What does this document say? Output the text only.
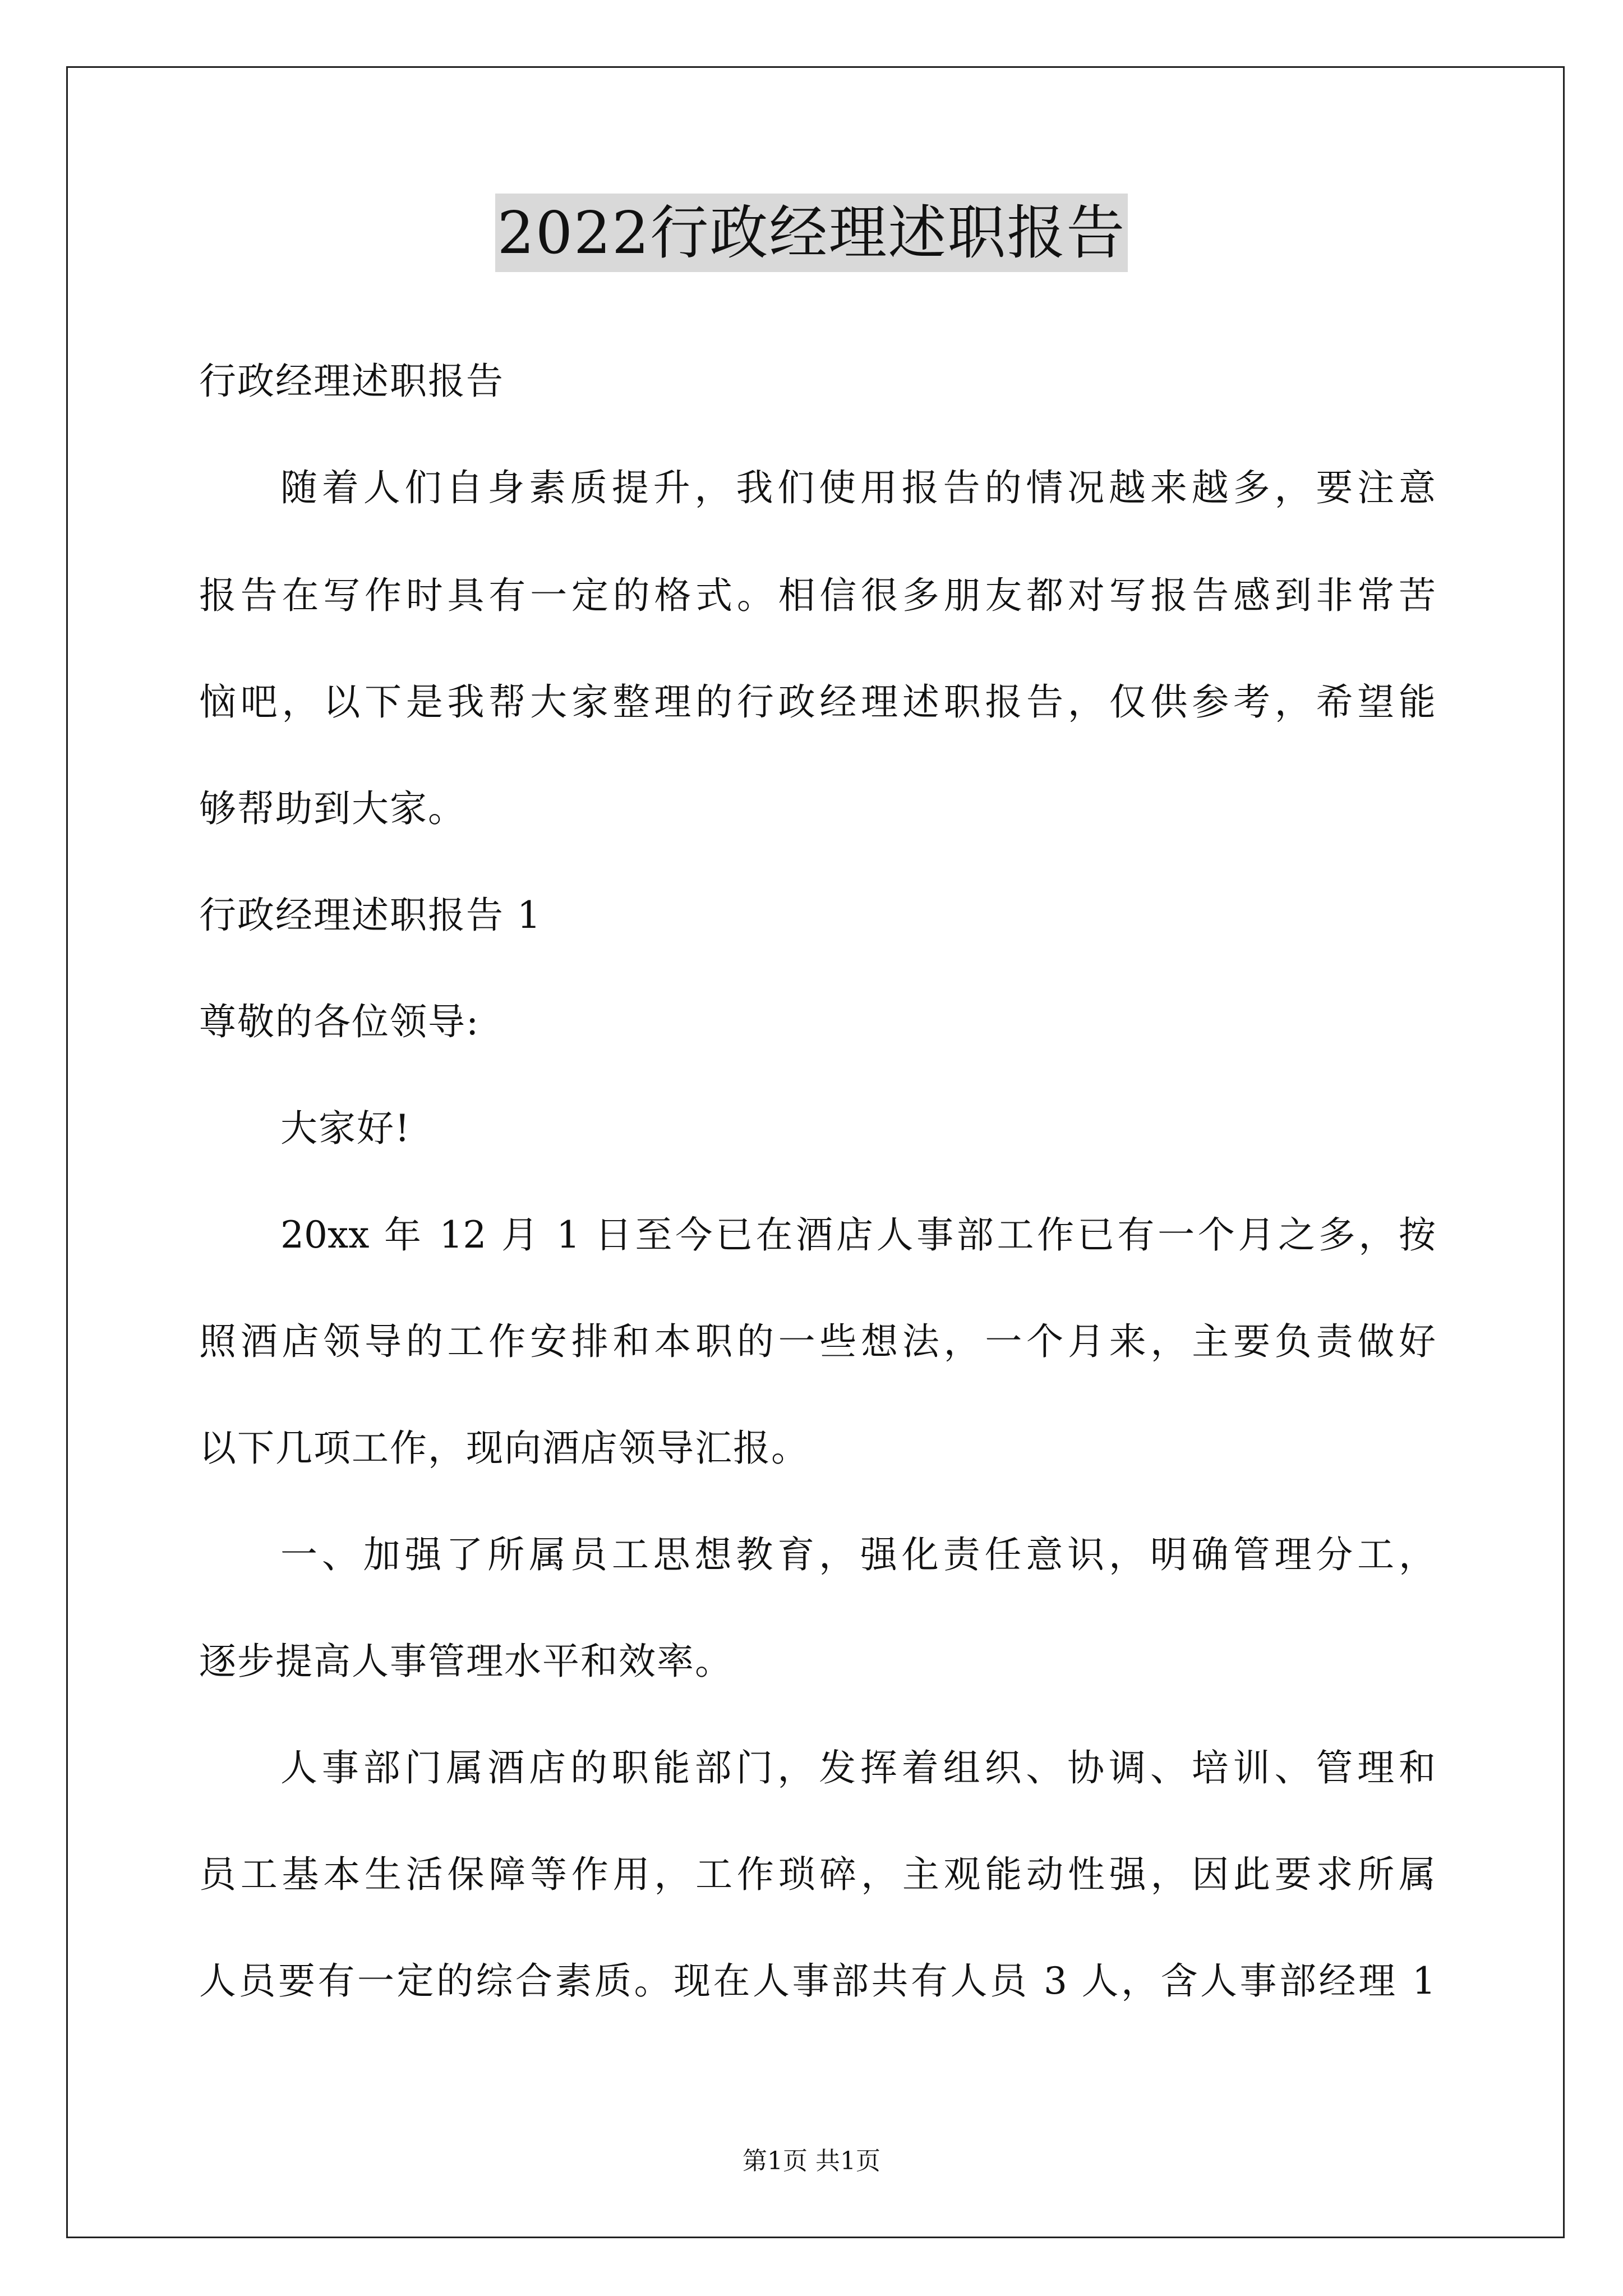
2022行政经理述职报告
行政经理述职报告
随着人们自身素质提升，我们使用报告的情况越来越多，要注意
报告在写作时具有一定的格式。相信很多朋友都对写报告感到非常苦
恼吧，以下是我帮大家整理的行政经理述职报告，仅供参考，希望能
够帮助到大家。
行政经理述职报告 1
尊敬的各位领导:
大家好!
20xx 年 12 月 1 日至今已在酒店人事部工作已有一个月之多，按
照酒店领导的工作安排和本职的一些想法，一个月来，主要负责做好
以下几项工作，现向酒店领导汇报。
一、加强了所属员工思想教育，强化责任意识，明确管理分工，
逐步提高人事管理水平和效率。
人事部门属酒店的职能部门，发挥着组织、协调、培训、管理和
员工基本生活保障等作用，工作琐碎，主观能动性强，因此要求所属
人员要有一定的综合素质。现在人事部共有人员 3 人，含人事部经理 1
第1页 共1页
